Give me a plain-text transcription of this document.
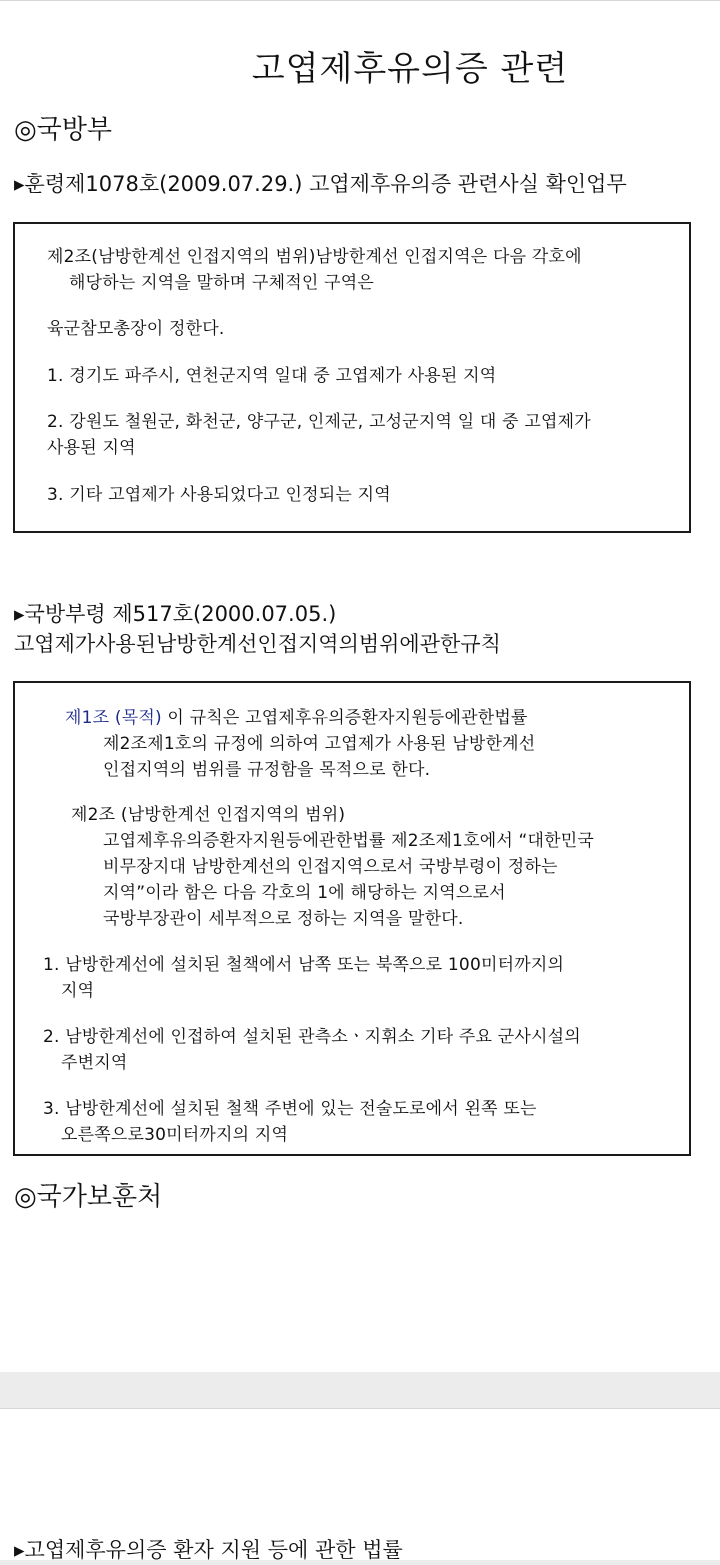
고엽제후유의증 관련
◎국방부
▸훈령제1078호(2009.07.29.) 고엽제후유의증 관련사실 확인업무
제2조(남방한계선 인접지역의 범위)남방한계선 인접지역은 다음 각호에
해당하는 지역을 말하며 구체적인 구역은
육군참모총장이 정한다.
1. 경기도 파주시, 연천군지역 일대 중 고엽제가 사용된 지역
2. 강원도 철원군, 화천군, 양구군, 인제군, 고성군지역 일 대 중 고엽제가
사용된 지역
3. 기타 고엽제가 사용되었다고 인정되는 지역
▸국방부령 제517호(2000.07.05.)
고엽제가사용된남방한계선인접지역의범위에관한규칙
제1조 (목적) 이 규칙은 고엽제후유의증환자지원등에관한법률
제2조제1호의 규정에 의하여 고엽제가 사용된 남방한계선
인접지역의 범위를 규정함을 목적으로 한다.
제2조 (남방한계선 인접지역의 범위)
고엽제후유의증환자지원등에관한법률 제2조제1호에서 “대한민국
비무장지대 남방한계선의 인접지역으로서 국방부령이 정하는
지역”이라 함은 다음 각호의 1에 해당하는 지역으로서
국방부장관이 세부적으로 정하는 지역을 말한다.
1. 남방한계선에 설치된 철책에서 남쪽 또는 북쪽으로 100미터까지의
지역
2. 남방한계선에 인접하여 설치된 관측소ㆍ지휘소 기타 주요 군사시설의
주변지역
3. 남방한계선에 설치된 철책 주변에 있는 전술도로에서 왼쪽 또는
오른쪽으로30미터까지의 지역
◎국가보훈처
▸고엽제후유의증 환자 지원 등에 관한 법률
